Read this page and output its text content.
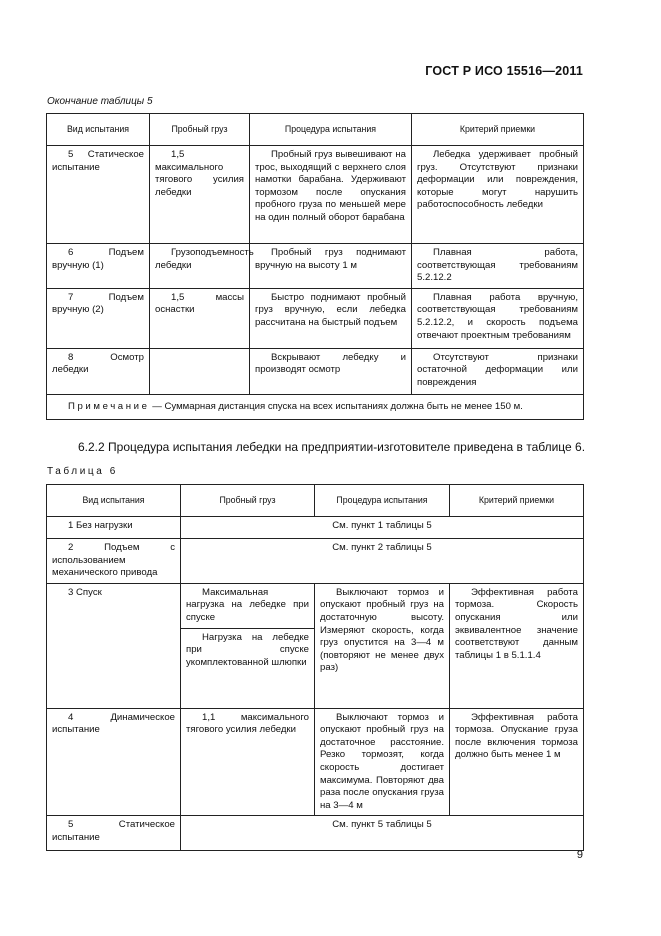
ГОСТ Р ИСО 15516—2011
Окончание таблицы 5
Вид испытания	Пробный груз	Процедура испытания	Критерий приемки
5 Статическое испытание	1,5 максимального тягового усилия лебедки	Пробный груз вывешивают на трос, выходящий с верхнего слоя намотки барабана. Удерживают тормозом после опускания пробного груза по меньшей мере на один полный оборот барабана	Лебедка удерживает пробный груз. Отсутствуют признаки деформации или повреждения, которые могут нарушить работоспособность лебедки
6 Подъем вручную (1)	Грузоподъемность лебедки	Пробный груз поднимают вручную на высоту 1 м	Плавная работа, соответствующая требованиям 5.2.12.2
7 Подъем вручную (2)	1,5 массы оснастки	Быстро поднимают пробный груз вручную, если лебедка рассчитана на быстрый подъем	Плавная работа вручную, соответствующая требованиям 5.2.12.2, и скорость подъема отвечают проектным требованиям
8 Осмотр лебедки		Вскрывают лебедку и производят осмотр	Отсутствуют признаки остаточной деформации или повреждения
Примечание — Суммарная дистанция спуска на всех испытаниях должна быть не менее 150 м.			
6.2.2 Процедура испытания лебедки на предприятии-изготовителе приведена в таблице 6.
Таблица 6
Вид испытания	Пробный груз	Процедура испытания	Критерий приемки
1 Без нагрузки	См. пункт 1 таблицы 5		
2 Подъем с использованием механического привода	См. пункт 2 таблицы 5		
3 Спуск	Максимальная нагрузка на лебедке при спуске	Выключают тормоз и опускают пробный груз на достаточную высоту. Измеряют скорость, когда груз опустится на 3—4 м (повторяют не менее двух раз)	Эффективная работа тормоза. Скорость опускания или эквивалентное значение соответствуют данным таблицы 1 в 5.1.1.4
	Нагрузка на лебедке при спуске укомплектованной шлюпки		
4 Динамическое испытание	1,1 максимального тягового усилия лебедки	Выключают тормоз и опускают пробный груз на достаточное расстояние. Резко тормозят, когда скорость достигает максимума. Повторяют два раза после опускания груза на 3—4 м	Эффективная работа тормоза. Опускание груза после включения тормоза должно быть менее 1 м
5 Статическое испытание	См. пункт 5 таблицы 5		
9
